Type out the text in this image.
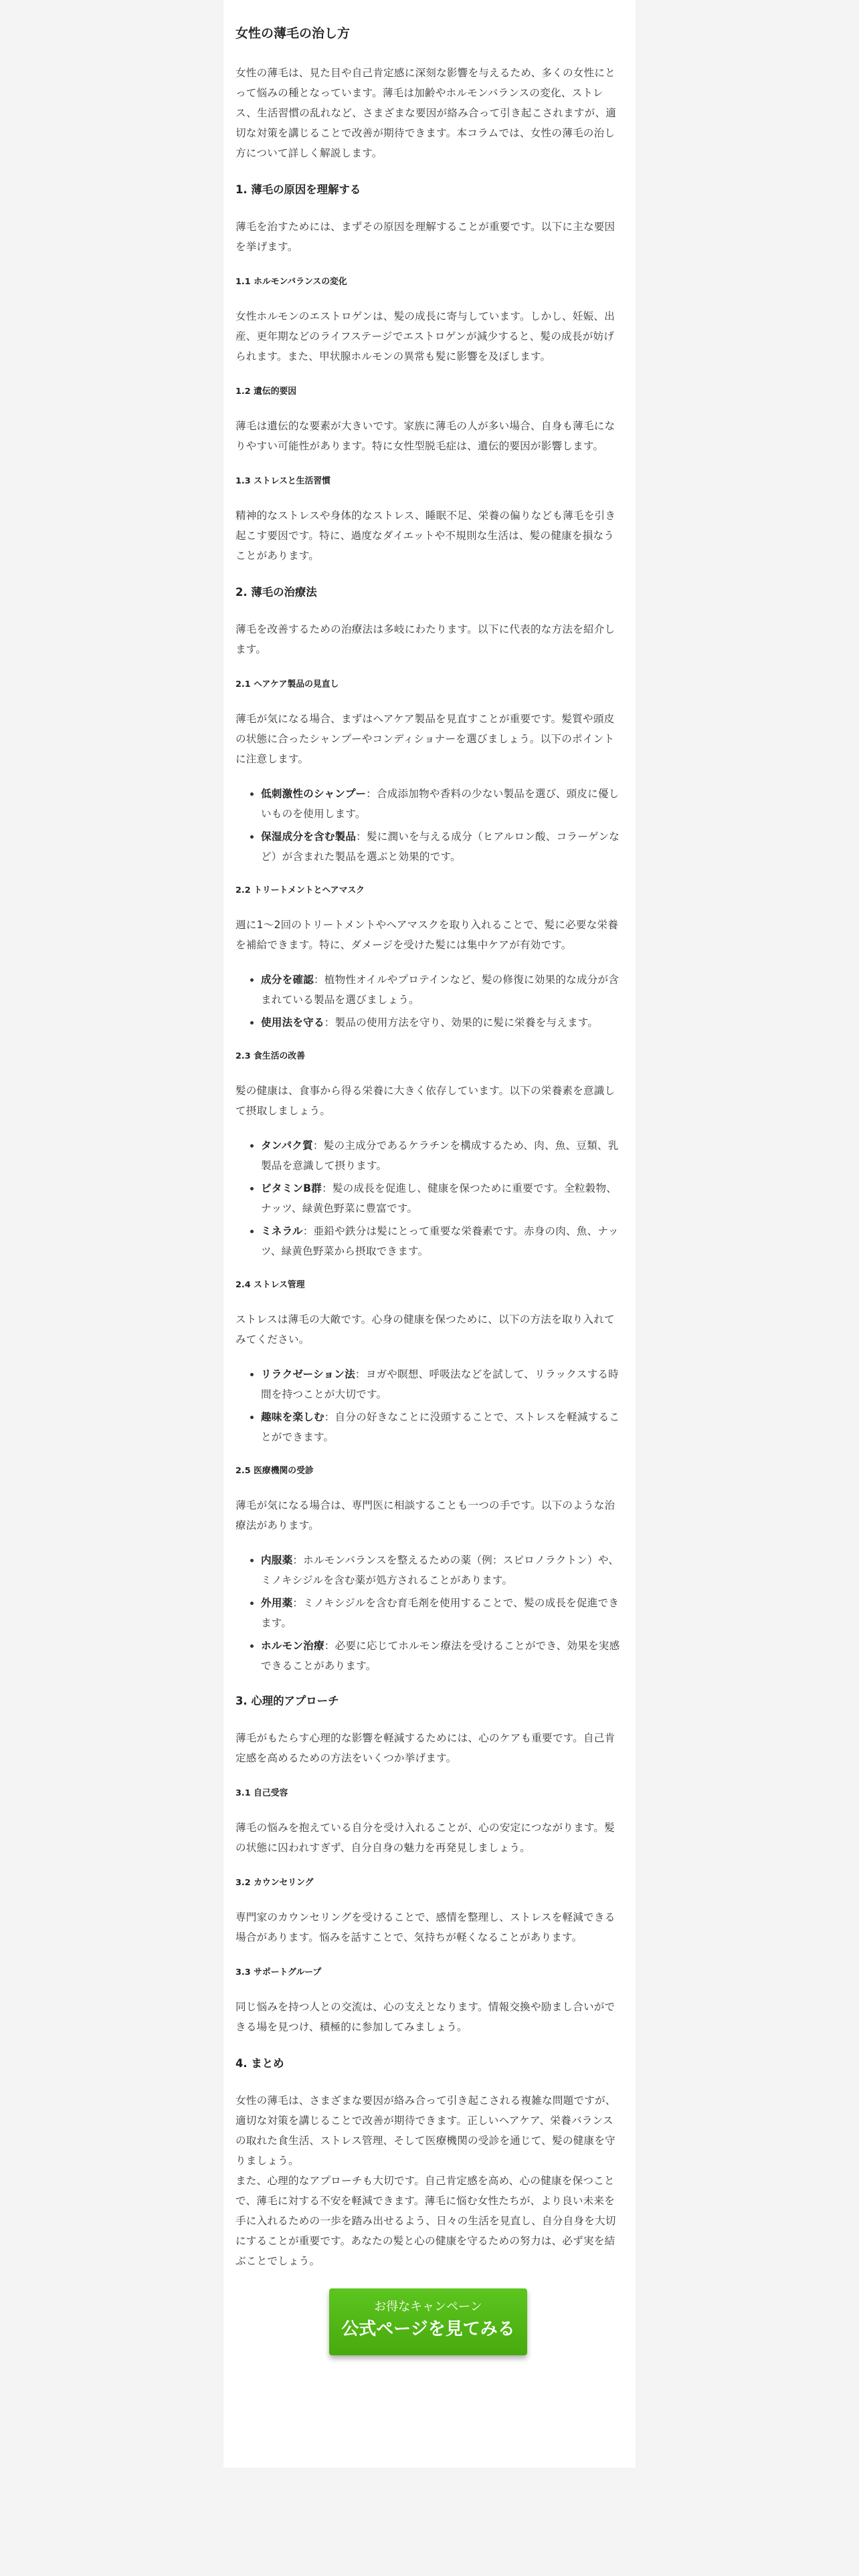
女性の薄毛の治し方

女性の薄毛は、見た目や自己肯定感に深刻な影響を与えるため、多くの女性にとって悩みの種となっています。薄毛は加齢やホルモンバランスの変化、ストレス、生活習慣の乱れなど、さまざまな要因が絡み合って引き起こされますが、適切な対策を講じることで改善が期待できます。本コラムでは、女性の薄毛の治し方について詳しく解説します。

1. 薄毛の原因を理解する

薄毛を治すためには、まずその原因を理解することが重要です。以下に主な要因を挙げます。

1.1 ホルモンバランスの変化

女性ホルモンのエストロゲンは、髪の成長に寄与しています。しかし、妊娠、出産、更年期などのライフステージでエストロゲンが減少すると、髪の成長が妨げられます。また、甲状腺ホルモンの異常も髪に影響を及ぼします。

1.2 遺伝的要因

薄毛は遺伝的な要素が大きいです。家族に薄毛の人が多い場合、自身も薄毛になりやすい可能性があります。特に女性型脱毛症は、遺伝的要因が影響します。

1.3 ストレスと生活習慣

精神的なストレスや身体的なストレス、睡眠不足、栄養の偏りなども薄毛を引き起こす要因です。特に、過度なダイエットや不規則な生活は、髪の健康を損なうことがあります。

2. 薄毛の治療法

薄毛を改善するための治療法は多岐にわたります。以下に代表的な方法を紹介します。

2.1 ヘアケア製品の見直し

薄毛が気になる場合、まずはヘアケア製品を見直すことが重要です。髪質や頭皮の状態に合ったシャンプーやコンディショナーを選びましょう。以下のポイントに注意します。

• 低刺激性のシャンプー：合成添加物や香料の少ない製品を選び、頭皮に優しいものを使用します。
• 保湿成分を含む製品：髪に潤いを与える成分（ヒアルロン酸、コラーゲンなど）が含まれた製品を選ぶと効果的です。
2.2 トリートメントとヘアマスク

週に1〜2回のトリートメントやヘアマスクを取り入れることで、髪に必要な栄養を補給できます。特に、ダメージを受けた髪には集中ケアが有効です。

• 成分を確認：植物性オイルやプロテインなど、髪の修復に効果的な成分が含まれている製品を選びましょう。
• 使用法を守る：製品の使用方法を守り、効果的に髪に栄養を与えます。
2.3 食生活の改善

髪の健康は、食事から得る栄養に大きく依存しています。以下の栄養素を意識して摂取しましょう。

• タンパク質：髪の主成分であるケラチンを構成するため、肉、魚、豆類、乳製品を意識して摂ります。
• ビタミンB群：髪の成長を促進し、健康を保つために重要です。全粒穀物、ナッツ、緑黄色野菜に豊富です。
• ミネラル：亜鉛や鉄分は髪にとって重要な栄養素です。赤身の肉、魚、ナッツ、緑黄色野菜から摂取できます。
2.4 ストレス管理

ストレスは薄毛の大敵です。心身の健康を保つために、以下の方法を取り入れてみてください。

• リラクゼーション法：ヨガや瞑想、呼吸法などを試して、リラックスする時間を持つことが大切です。
• 趣味を楽しむ：自分の好きなことに没頭することで、ストレスを軽減することができます。
2.5 医療機関の受診

薄毛が気になる場合は、専門医に相談することも一つの手です。以下のような治療法があります。

• 内服薬：ホルモンバランスを整えるための薬（例：スピロノラクトン）や、ミノキシジルを含む薬が処方されることがあります。
• 外用薬：ミノキシジルを含む育毛剤を使用することで、髪の成長を促進できます。
• ホルモン治療：必要に応じてホルモン療法を受けることができ、効果を実感できることがあります。
3. 心理的アプローチ

薄毛がもたらす心理的な影響を軽減するためには、心のケアも重要です。自己肯定感を高めるための方法をいくつか挙げます。

3.1 自己受容

薄毛の悩みを抱えている自分を受け入れることが、心の安定につながります。髪の状態に囚われすぎず、自分自身の魅力を再発見しましょう。

3.2 カウンセリング

専門家のカウンセリングを受けることで、感情を整理し、ストレスを軽減できる場合があります。悩みを話すことで、気持ちが軽くなることがあります。

3.3 サポートグループ

同じ悩みを持つ人との交流は、心の支えとなります。情報交換や励まし合いができる場を見つけ、積極的に参加してみましょう。

4. まとめ

女性の薄毛は、さまざまな要因が絡み合って引き起こされる複雑な問題ですが、適切な対策を講じることで改善が期待できます。正しいヘアケア、栄養バランスの取れた食生活、ストレス管理、そして医療機関の受診を通じて、髪の健康を守りましょう。

また、心理的なアプローチも大切です。自己肯定感を高め、心の健康を保つことで、薄毛に対する不安を軽減できます。薄毛に悩む女性たちが、より良い未来を手に入れるための一歩を踏み出せるよう、日々の生活を見直し、自分自身を大切にすることが重要です。あなたの髪と心の健康を守るための努力は、必ず実を結ぶことでしょう。

お得なキャンペーン
公式ページを見てみる
